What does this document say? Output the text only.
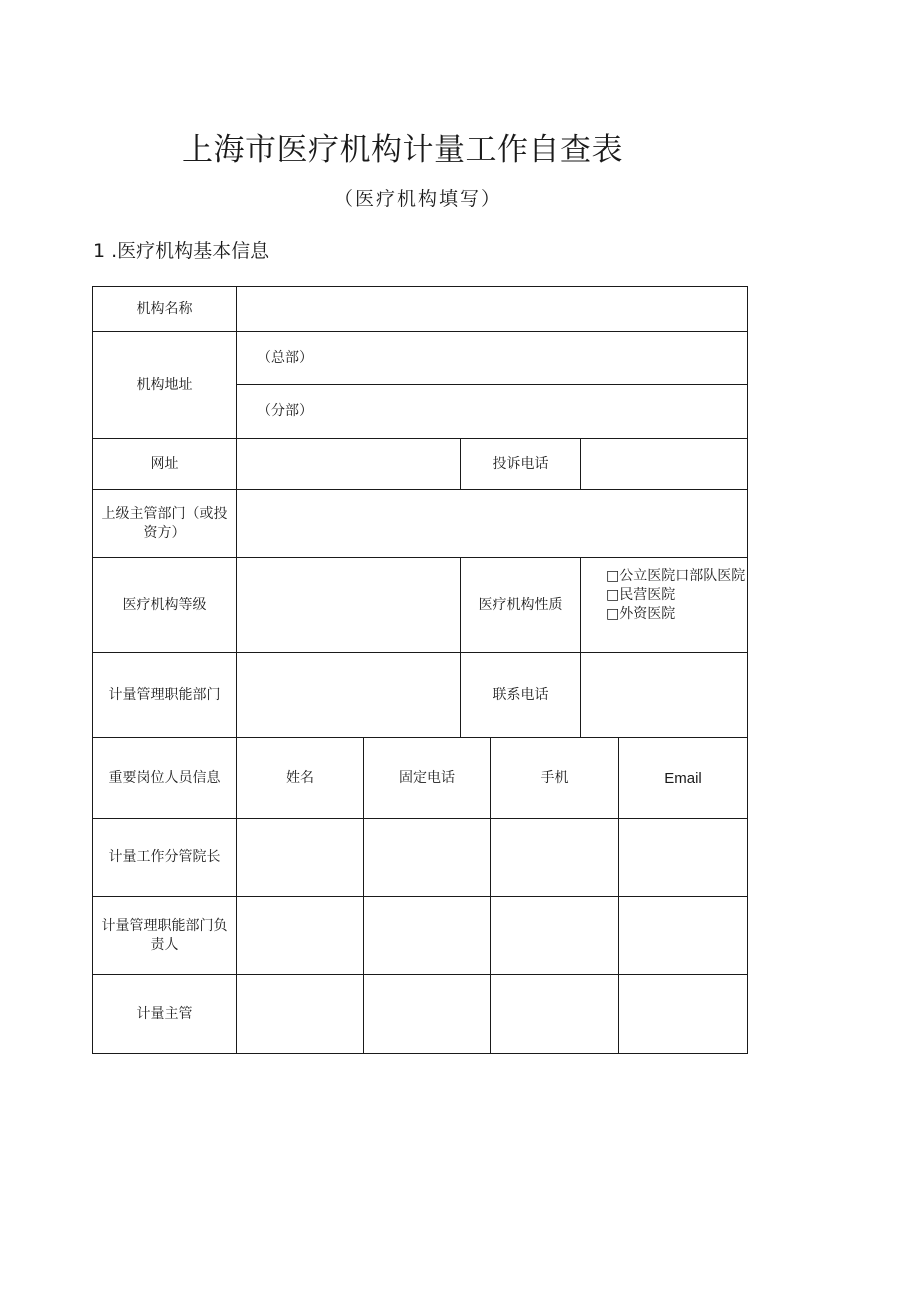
上海市医疗机构计量工作自查表
（医疗机构填写）
1 .医疗机构基本信息
机构名称
机构地址
（总部）
（分部）
网址	投诉电话
上级主管部门（或投资方）
医疗机构等级	医疗机构性质
□公立医院口部队医院
□民营医院
□外资医院
计量管理职能部门	联系电话
重要岗位人员信息	姓名	固定电话	手机	Email
计量工作分管院长
计量管理职能部门负责人
计量主管
